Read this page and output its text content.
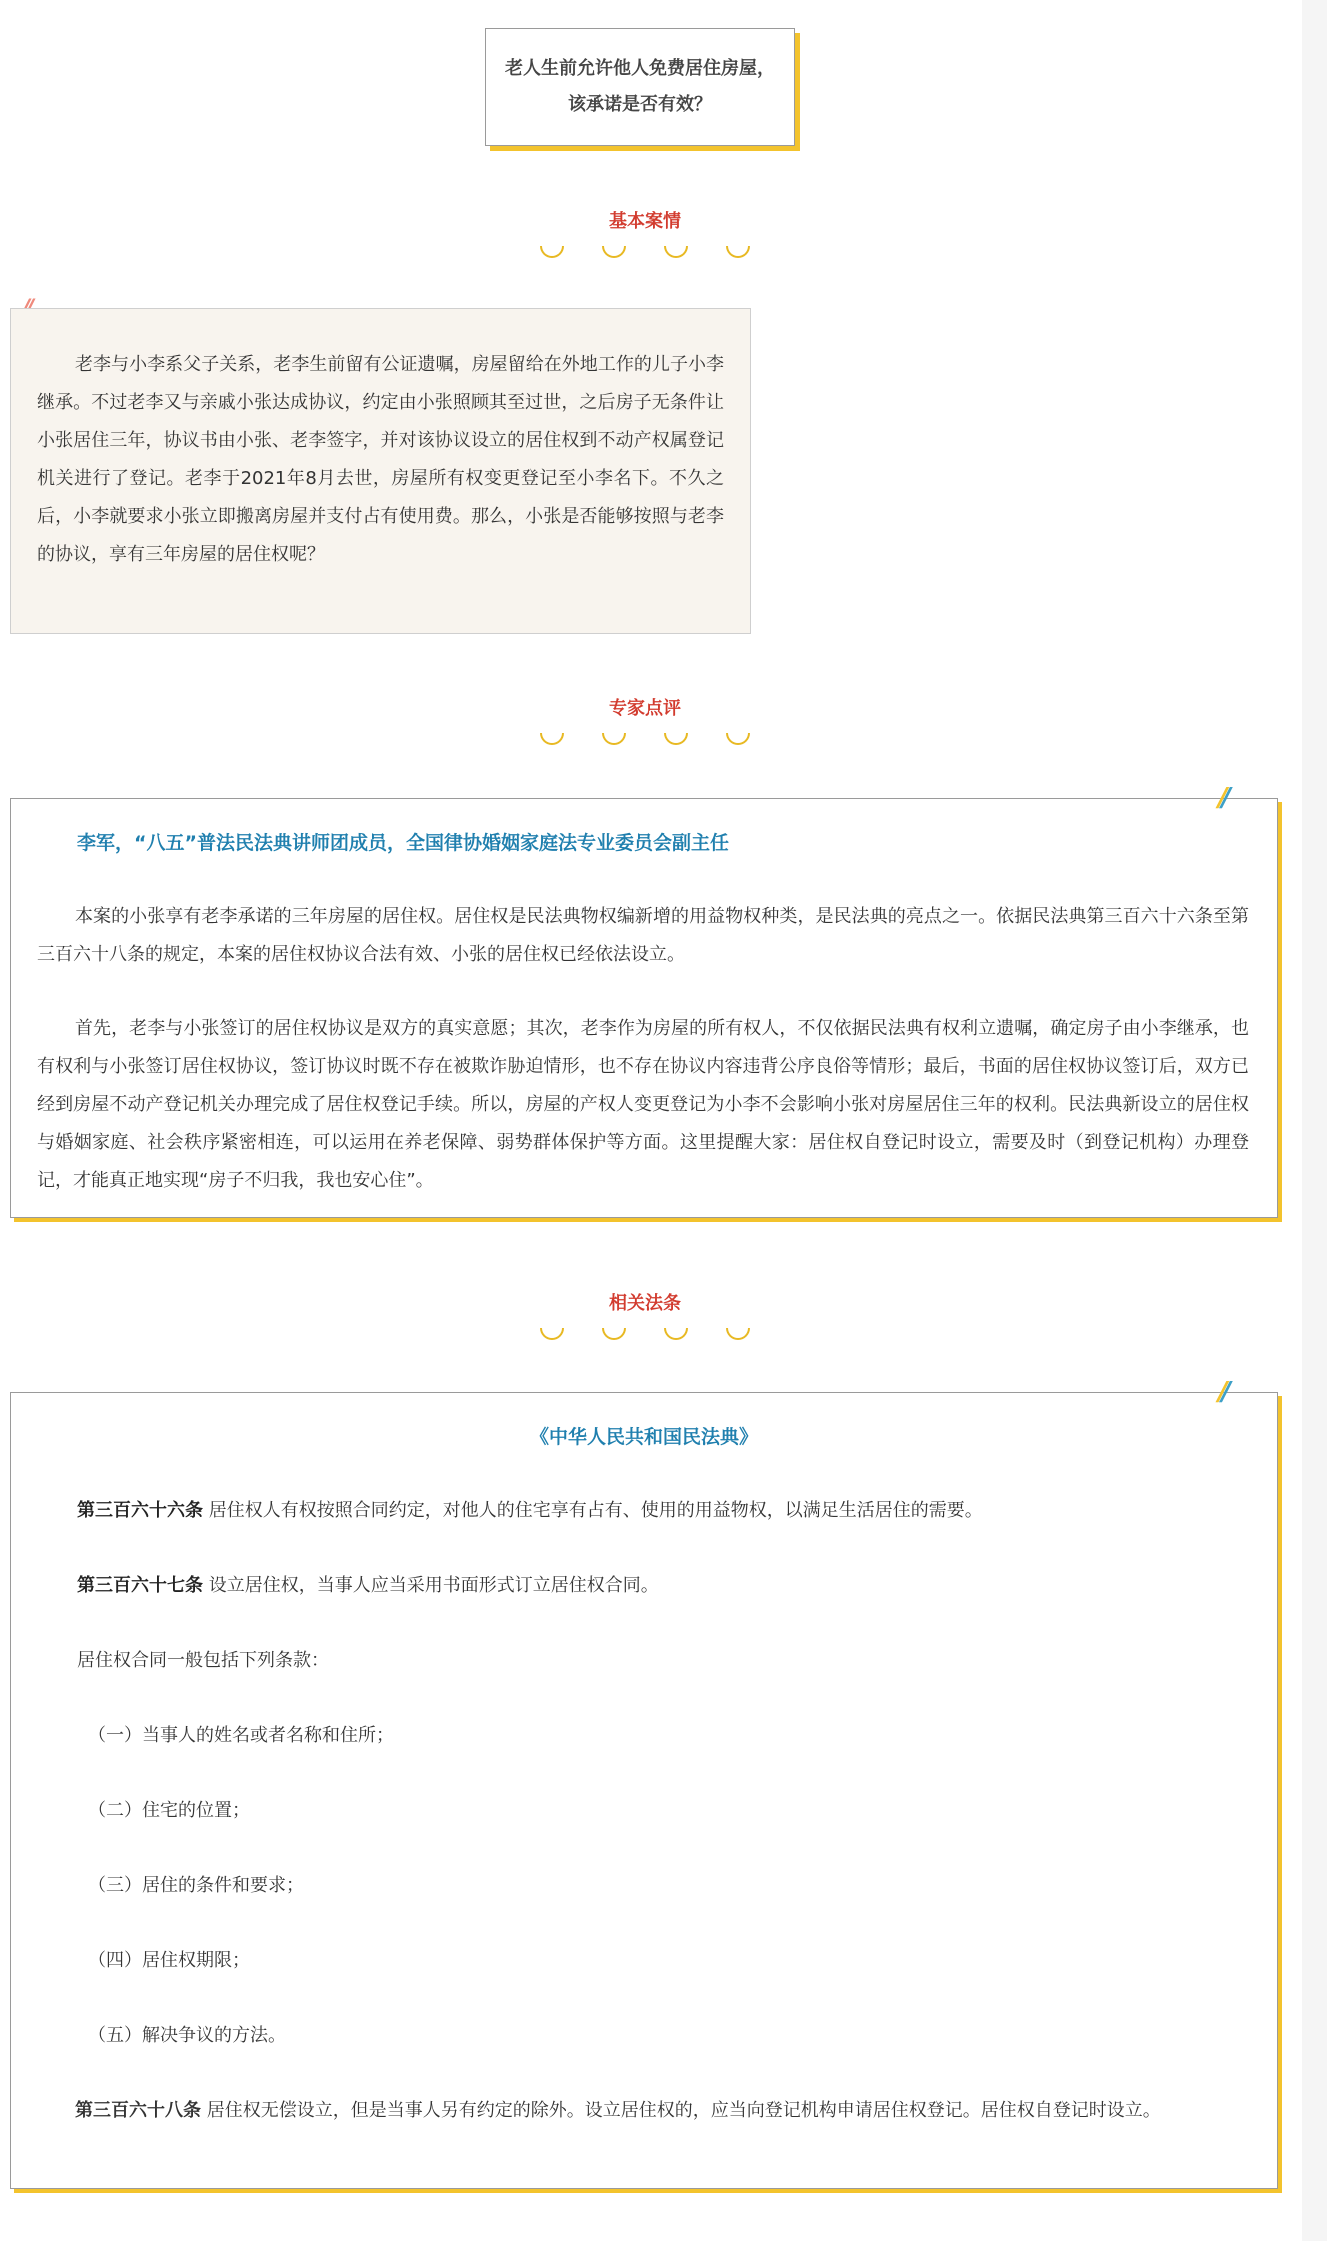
老人生前允许他人免费居住房屋，
该承诺是否有效？
基本案情
老李与小李系父子关系，老李生前留有公证遗嘱，房屋留给在外地工作的儿子小李继承。不过老李又与亲戚小张达成协议，约定由小张照顾其至过世，之后房子无条件让小张居住三年，协议书由小张、老李签字，并对该协议设立的居住权到不动产权属登记机关进行了登记。老李于2021年8月去世，房屋所有权变更登记至小李名下。不久之后，小李就要求小张立即搬离房屋并支付占有使用费。那么，小张是否能够按照与老李的协议，享有三年房屋的居住权呢？
专家点评
//
李军，“八五”普法民法典讲师团成员，全国律协婚姻家庭法专业委员会副主任
本案的小张享有老李承诺的三年房屋的居住权。居住权是民法典物权编新增的用益物权种类，是民法典的亮点之一。依据民法典第三百六十六条至第三百六十八条的规定，本案的居住权协议合法有效、小张的居住权已经依法设立。
首先，老李与小张签订的居住权协议是双方的真实意愿；其次，老李作为房屋的所有权人，不仅依据民法典有权利立遗嘱，确定房子由小李继承，也有权利与小张签订居住权协议，签订协议时既不存在被欺诈胁迫情形，也不存在协议内容违背公序良俗等情形；最后，书面的居住权协议签订后，双方已经到房屋不动产登记机关办理完成了居住权登记手续。所以，房屋的产权人变更登记为小李不会影响小张对房屋居住三年的权利。民法典新设立的居住权与婚姻家庭、社会秩序紧密相连，可以运用在养老保障、弱势群体保护等方面。这里提醒大家：居住权自登记时设立，需要及时（到登记机构）办理登记，才能真正地实现“房子不归我，我也安心住”。
相关法条
//
《中华人民共和国民法典》
第三百六十六条 居住权人有权按照合同约定，对他人的住宅享有占有、使用的用益物权，以满足生活居住的需要。
第三百六十七条 设立居住权，当事人应当采用书面形式订立居住权合同。
居住权合同一般包括下列条款：
（一）当事人的姓名或者名称和住所；
（二）住宅的位置；
（三）居住的条件和要求；
（四）居住权期限；
（五）解决争议的方法。
第三百六十八条 居住权无偿设立，但是当事人另有约定的除外。设立居住权的，应当向登记机构申请居住权登记。居住权自登记时设立。
